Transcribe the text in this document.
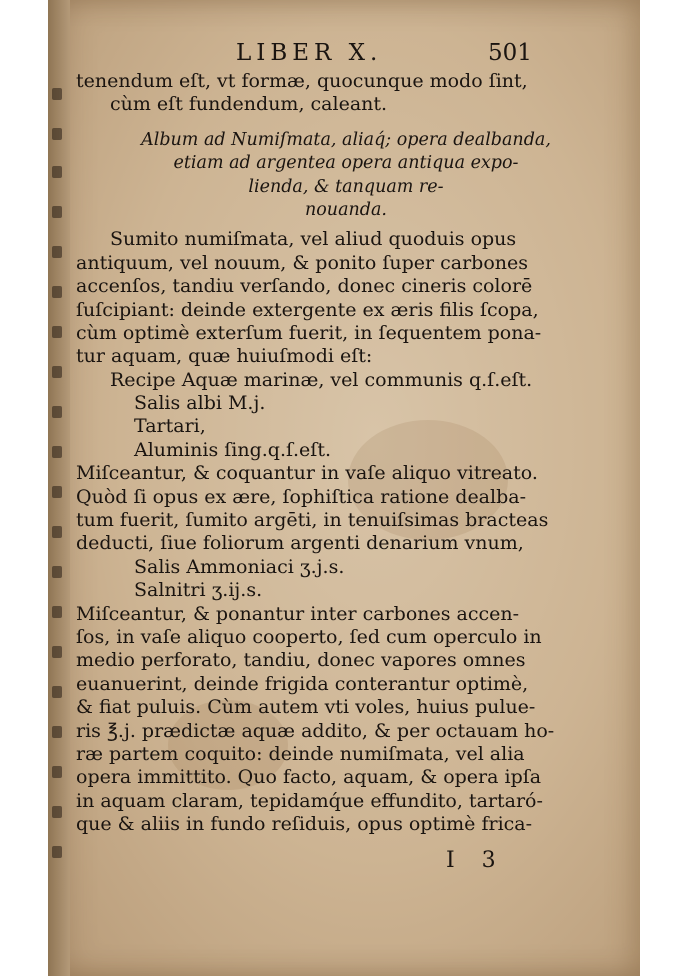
LIBER X.	501
tenendum eſt, vt formæ, quocunque modo ſint,
cùm eſt fundendum, caleant.
Album ad Numiſmata, aliaq́; opera dealbanda,
etiam ad argentea opera antiqua expo-
lienda, & tanquam re-
nouanda.
Sumito numiſmata, vel aliud quoduis opus
antiquum, vel nouum, & ponito ſuper carbones
accenſos, tandiu verſando, donec cineris colorē
ſuſcipiant: deinde extergente ex æris filis ſcopa,
cùm optimè exterſum fuerit, in ſequentem pona-
tur aquam, quæ huiuſmodi eſt:
Recipe Aquæ marinæ, vel communis q.ſ.eſt.
Salis albi M.j.
Tartari,
Aluminis ſing.q.ſ.eſt.
Miſceantur, & coquantur in vaſe aliquo vitreato.
Quòd ſi opus ex ære, ſophiſtica ratione dealba-
tum fuerit, ſumito argēti, in tenuiſsimas bracteas
deducti, ſiue foliorum argenti denarium vnum,
Salis Ammoniaci ʒ.j.s.
Salnitri ʒ.ij.s.
Miſceantur, & ponantur inter carbones accen-
ſos, in vaſe aliquo cooperto, ſed cum operculo in
medio perforato, tandiu, donec vapores omnes
euanuerint, deinde frigida conterantur optimè,
& fiat puluis. Cùm autem vti voles, huius pulue-
ris ℥.j. prædictæ aquæ addito, & per octauam ho-
ræ partem coquito: deinde numiſmata, vel alia
opera immittito. Quo facto, aquam, & opera ipſa
in aquam claram, tepidamq́ue effundito, tartaró-
que & aliis in fundo reſiduis, opus optimè frica-
I 3
